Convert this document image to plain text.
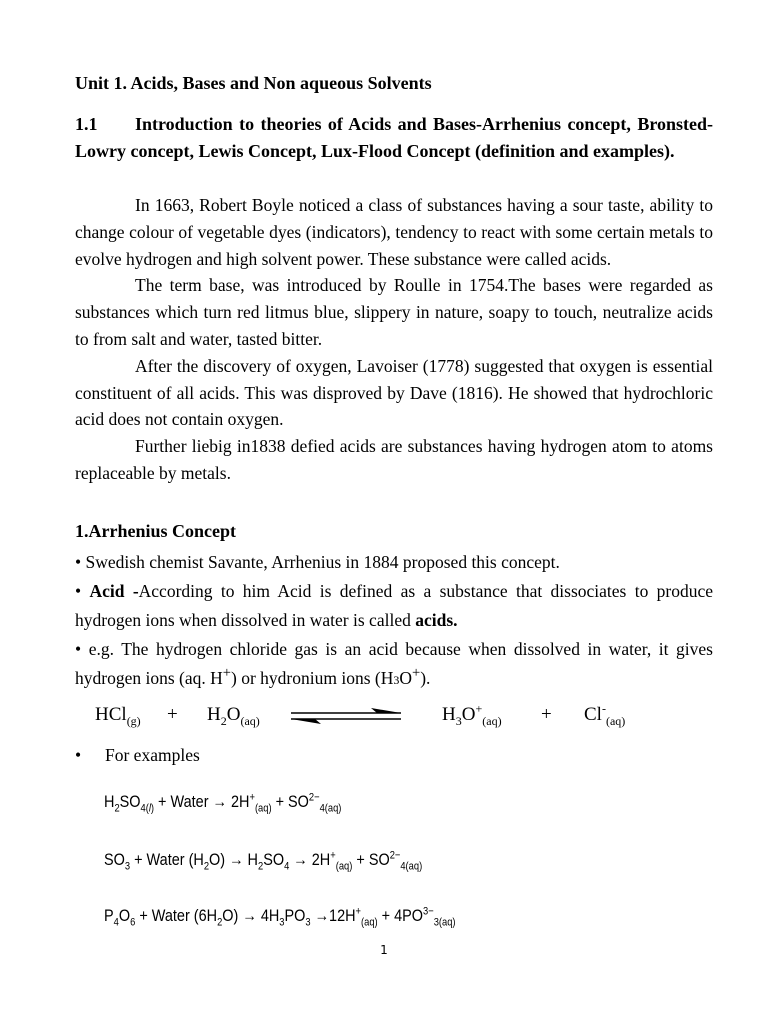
Unit 1. Acids, Bases and Non aqueous Solvents
1.1 Introduction to theories of Acids and Bases-Arrhenius concept, Bronsted-Lowry concept, Lewis Concept, Lux-Flood Concept (definition and examples).

In 1663, Robert Boyle noticed a class of substances having a sour taste, ability to change colour of vegetable dyes (indicators), tendency to react with some certain metals to evolve hydrogen and high solvent power. These substance were called acids.

The term base, was introduced by Roulle in 1754.The bases were regarded as substances which turn red litmus blue, slippery in nature, soapy to touch, neutralize acids to from salt and water, tasted bitter.

After the discovery of oxygen, Lavoiser (1778) suggested that oxygen is essential constituent of all acids. This was disproved by Dave (1816). He showed that hydrochloric acid does not contain oxygen.

Further liebig in1838 defied acids are substances having hydrogen atom to atoms replaceable by metals.

1.Arrhenius Concept

• Swedish chemist Savante, Arrhenius in 1884 proposed this concept.

• Acid -According to him Acid is defined as a substance that dissociates to produce hydrogen ions when dissolved in water is called acids.

• e.g. The hydrogen chloride gas is an acid because when dissolved in water, it gives hydrogen ions (aq. H+) or hydronium ions (H3O+).

$HCl_{(g)} + H_2O_{(aq)}$	$H_3O^+_{(aq)} + Cl^-_{(aq)}$
• For examples
$H_2SO_{4(l)}$ + Water → $2H^+_{(aq)} + SO^{2-}_{4(aq)}$
$SO_3$ + Water $(H_2O) \to H_2SO_4 \to 2H^+_{(aq)} + SO^{2-}_{4(aq)}$
$P_4O_6$ + Water $(6H_2O) \to 4H_3PO_3 \to 12H^+_{(aq)} + 4PO^{3-}_{3(aq)}$
1
